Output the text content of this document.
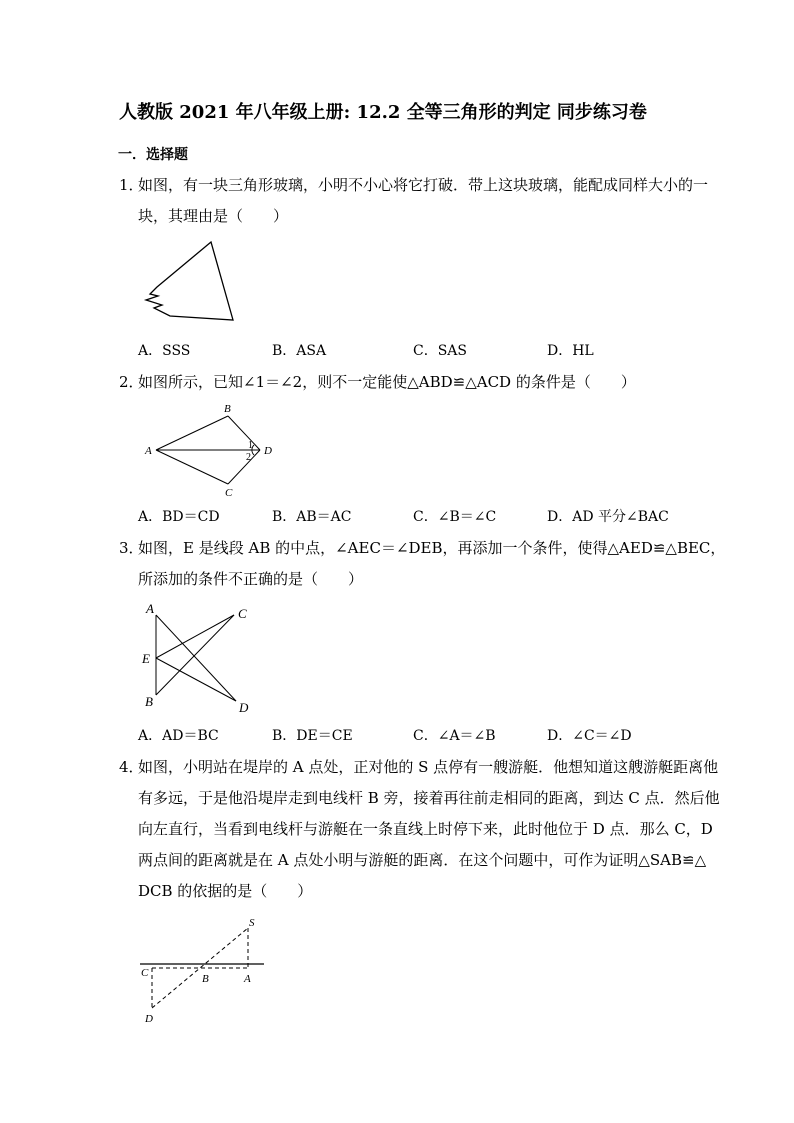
人教版 2021 年八年级上册: 12.2 全等三角形的判定 同步练习卷
一．选择题
1．
如图，有一块三角形玻璃，小明不小心将它打破．带上这块玻璃，能配成同样大小的一
块，其理由是（　　）
A．SSS	B．ASA	C．SAS	D．HL
2．
如图所示，已知∠1＝∠2，则不一定能使△ABD≌△ACD 的条件是（　　）
A
B
C
D
1
2
A．BD＝CD	B．AB＝AC	C．∠B＝∠C	D．AD 平分∠BAC
3．
如图，E 是线段 AB 的中点，∠AEC＝∠DEB，再添加一个条件，使得△AED≌△BEC，
所添加的条件不正确的是（　　）
A	C
E
B	D
A．AD＝BC	B．DE＝CE	C．∠A＝∠B	D．∠C＝∠D
4．
如图，小明站在堤岸的 A 点处，正对他的 S 点停有一艘游艇．他想知道这艘游艇距离他
有多远，于是他沿堤岸走到电线杆 B 旁，接着再往前走相同的距离，到达 C 点．然后他
向左直行，当看到电线杆与游艇在一条直线上时停下来，此时他位于 D 点．那么 C，D
两点间的距离就是在 A 点处小明与游艇的距离．在这个问题中，可作为证明△SAB≌△
DCB 的依据的是（　　）
S
C	B	A
D
